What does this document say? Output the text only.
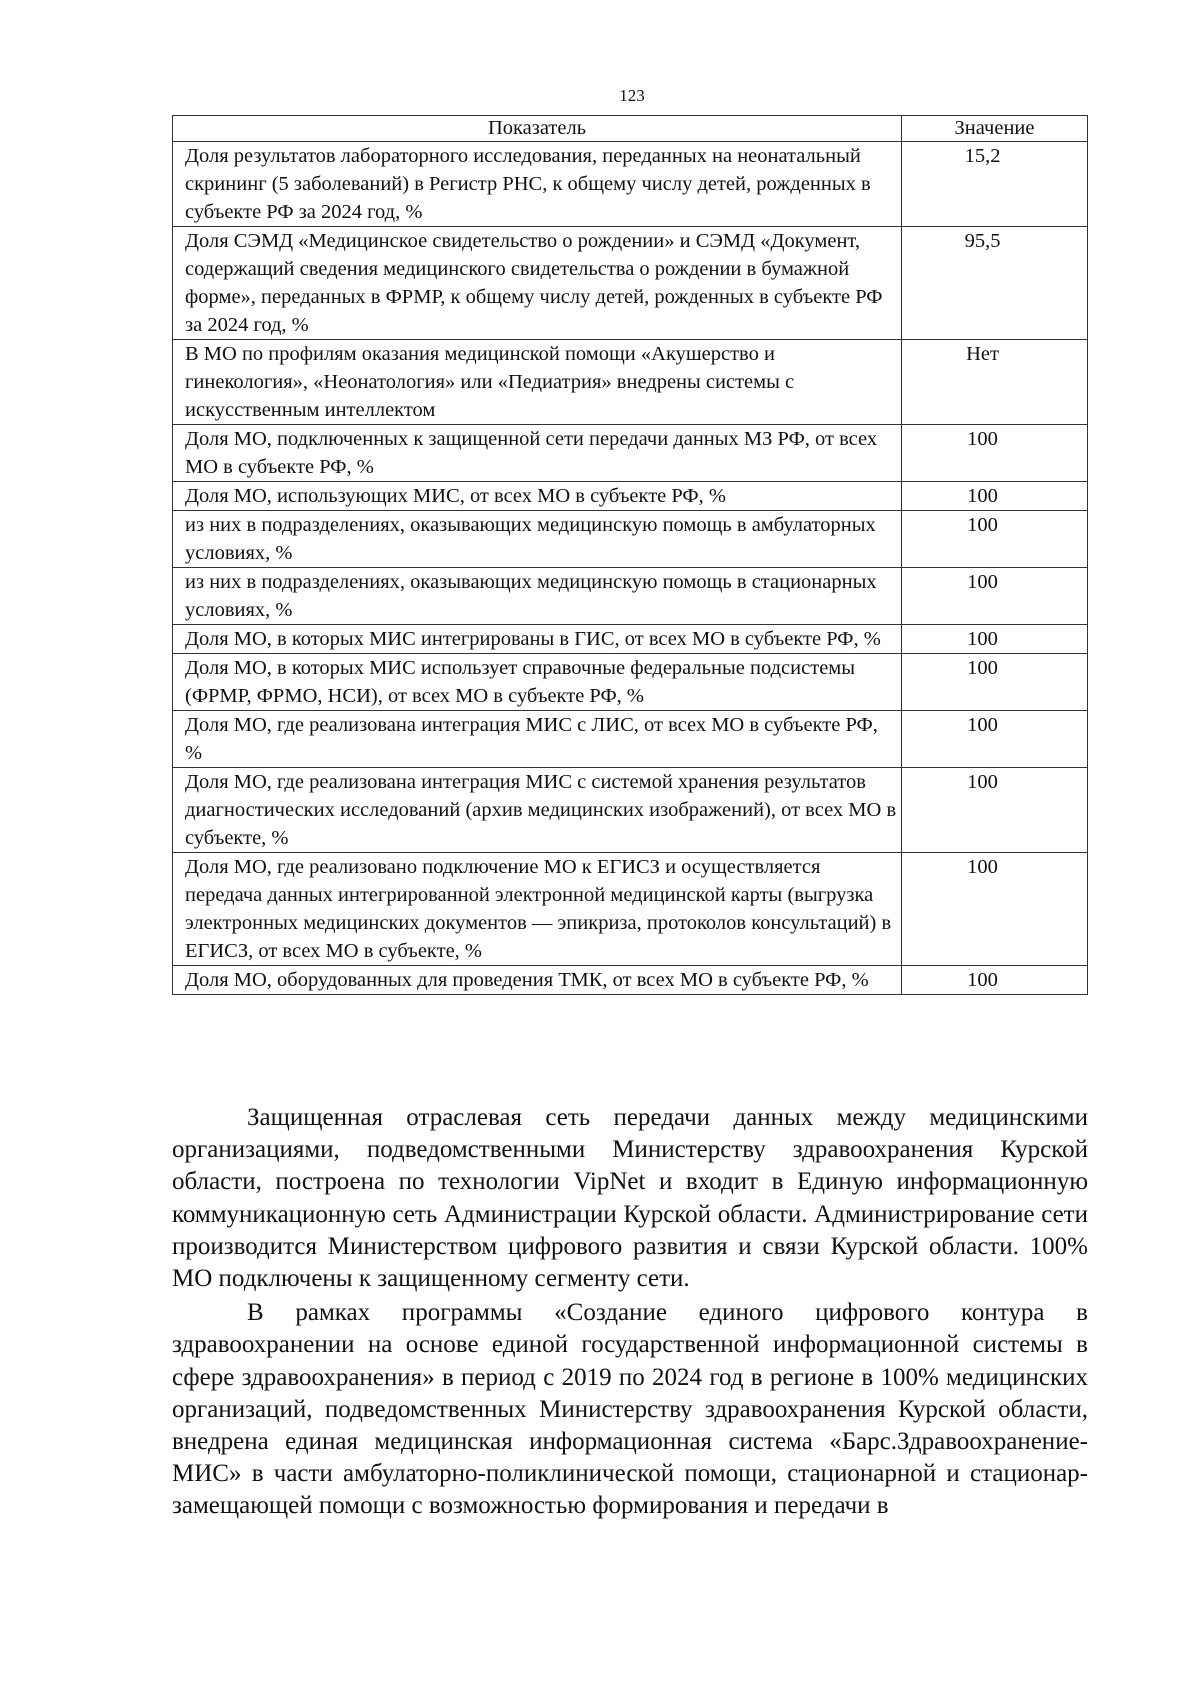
123
Показатель	Значение
Доля результатов лабораторного исследования, переданных на неонатальный скрининг (5 заболеваний) в Регистр РНС, к общему числу детей, рожденных в субъекте РФ за 2024 год, %	15,2
Доля СЭМД «Медицинское свидетельство о рождении» и СЭМД «Документ, содержащий сведения медицинского свидетельства о рождении в бумажной форме», переданных в ФРМР, к общему числу детей, рожденных в субъекте РФ за 2024 год, %	95,5
В МО по профилям оказания медицинской помощи «Акушерство и гинекология», «Неонатология» или «Педиатрия» внедрены системы с искусственным интеллектом	Нет
Доля МО, подключенных к защищенной сети передачи данных МЗ РФ, от всех МО в субъекте РФ, %	100
Доля МО, использующих МИС, от всех МО в субъекте РФ, %	100
из них в подразделениях, оказывающих медицинскую помощь в амбулаторных условиях, %	100
из них в подразделениях, оказывающих медицинскую помощь в стационарных условиях, %	100
Доля МО, в которых МИС интегрированы в ГИС, от всех МО в субъекте РФ, %	100
Доля МО, в которых МИС использует справочные федеральные подсистемы (ФРМР, ФРМО, НСИ), от всех МО в субъекте РФ, %	100
Доля МО, где реализована интеграция МИС с ЛИС, от всех МО в субъекте РФ, %	100
Доля МО, где реализована интеграция МИС с системой хранения результатов диагностических исследований (архив медицинских изображений), от всех МО в субъекте, %	100
Доля МО, где реализовано подключение МО к ЕГИСЗ и осуществляется передача данных интегрированной электронной медицинской карты (выгрузка электронных медицинских документов — эпикриза, протоколов консультаций) в ЕГИСЗ, от всех МО в субъекте, %	100
Доля МО, оборудованных для проведения ТМК, от всех МО в субъекте РФ, %	100

Защищенная отраслевая сеть передачи данных между медицинскими организациями, подведомственными Министерству здравоохранения Курской области, построена по технологии VipNet и входит в Единую информационную коммуникационную сеть Администрации Курской области. Администрирование сети производится Министерством цифрового развития и связи Курской области. 100% МО подключены к защищенному сегменту сети.

В рамках программы «Создание единого цифрового контура в здравоохранении на основе единой государственной информационной системы в сфере здравоохранения» в период с 2019 по 2024 год в регионе в 100% медицинских организаций, подведомственных Министерству здравоохранения Курской области, внедрена единая медицинская информационная система «Барс.Здравоохранение-МИС» в части амбулаторно-поликлинической помощи, стационарной и стационар-замещающей помощи с возможностью формирования и передачи в
